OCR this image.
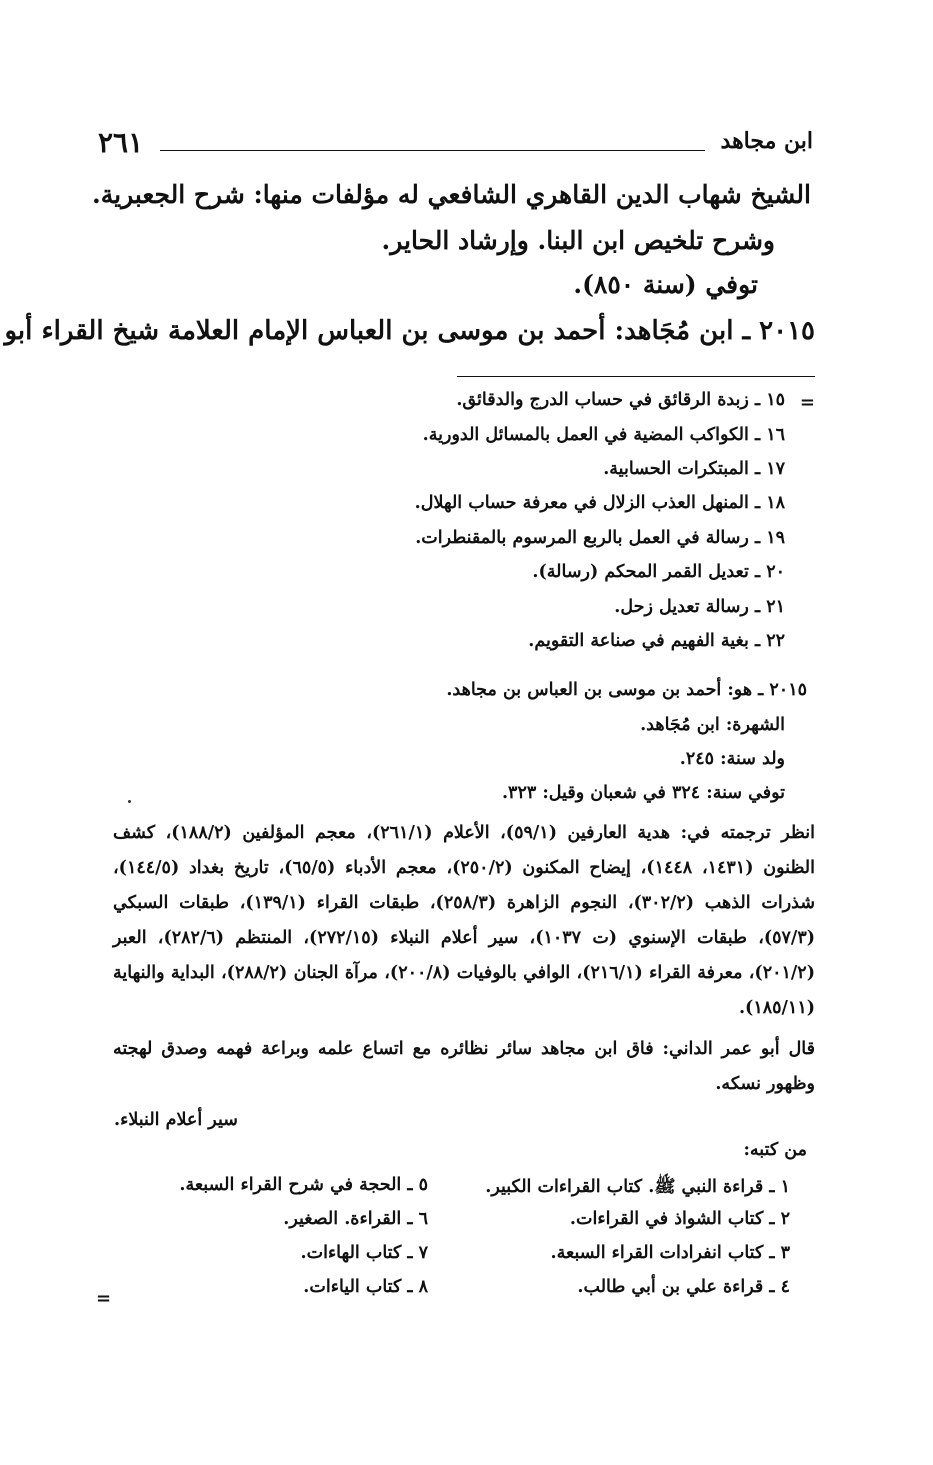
ابن مجاهد
٢٦١
الشيخ شهاب الدين القاهري الشافعي له مؤلفات منها: شرح الجعبرية.
وشرح تلخيص ابن البنا. وإرشاد الحاير.
توفي (سنة ٨٥٠).
٢٠١٥ ـ ابن مُجَاهد: أحمد بن موسى بن العباس الإمام العلامة شيخ القراء أبو
=
١٥ ـ زبدة الرقائق في حساب الدرج والدقائق.
١٦ ـ الكواكب المضية في العمل بالمسائل الدورية.
١٧ ـ المبتكرات الحسابية.
١٨ ـ المنهل العذب الزلال في معرفة حساب الهلال.
١٩ ـ رسالة في العمل بالربع المرسوم بالمقنطرات.
٢٠ ـ تعديل القمر المحكم (رسالة).
٢١ ـ رسالة تعديل زحل.
٢٢ ـ بغية الفهيم في صناعة التقويم.
٢٠١٥ ـ هو: أحمد بن موسى بن العباس بن مجاهد.
الشهرة: ابن مُجَاهد.
ولد سنة: ٢٤٥.
توفي سنة: ٣٢٤ في شعبان وقيل: ٣٢٣.
انظر ترجمته في: هدية العارفين (٥٩/١)، الأعلام (٢٦١/١)، معجم المؤلفين (١٨٨/٢)، كشف الظنون (١٤٣١، ١٤٤٨)، إيضاح المكنون (٢٥٠/٢)، معجم الأدباء (٦٥/٥)، تاريخ بغداد (١٤٤/٥)، شذرات الذهب (٣٠٢/٢)، النجوم الزاهرة (٢٥٨/٣)، طبقات القراء (١٣٩/١)، طبقات السبكي (٥٧/٣)، طبقات الإسنوي (ت ١٠٣٧)، سير أعلام النبلاء (٢٧٢/١٥)، المنتظم (٢٨٢/٦)، العبر (٢٠١/٢)، معرفة القراء (٢١٦/١)، الوافي بالوفيات (٢٠٠/٨)، مرآة الجنان (٢٨٨/٢)، البداية والنهاية (١٨٥/١١).
قال أبو عمر الداني: فاق ابن مجاهد سائر نظائره مع اتساع علمه وبراعة فهمه وصدق لهجته وظهور نسكه.
سير أعلام النبلاء.
من كتبه:
١ ـ قراءة النبي ﷺ. كتاب القراءات الكبير.
٢ ـ كتاب الشواذ في القراءات.
٣ ـ كتاب انفرادات القراء السبعة.
٤ ـ قراءة علي بن أبي طالب.
٥ ـ الحجة في شرح القراء السبعة.
٦ ـ القراءة. الصغير.
٧ ـ كتاب الهاءات.
٨ ـ كتاب الياءات.
=
